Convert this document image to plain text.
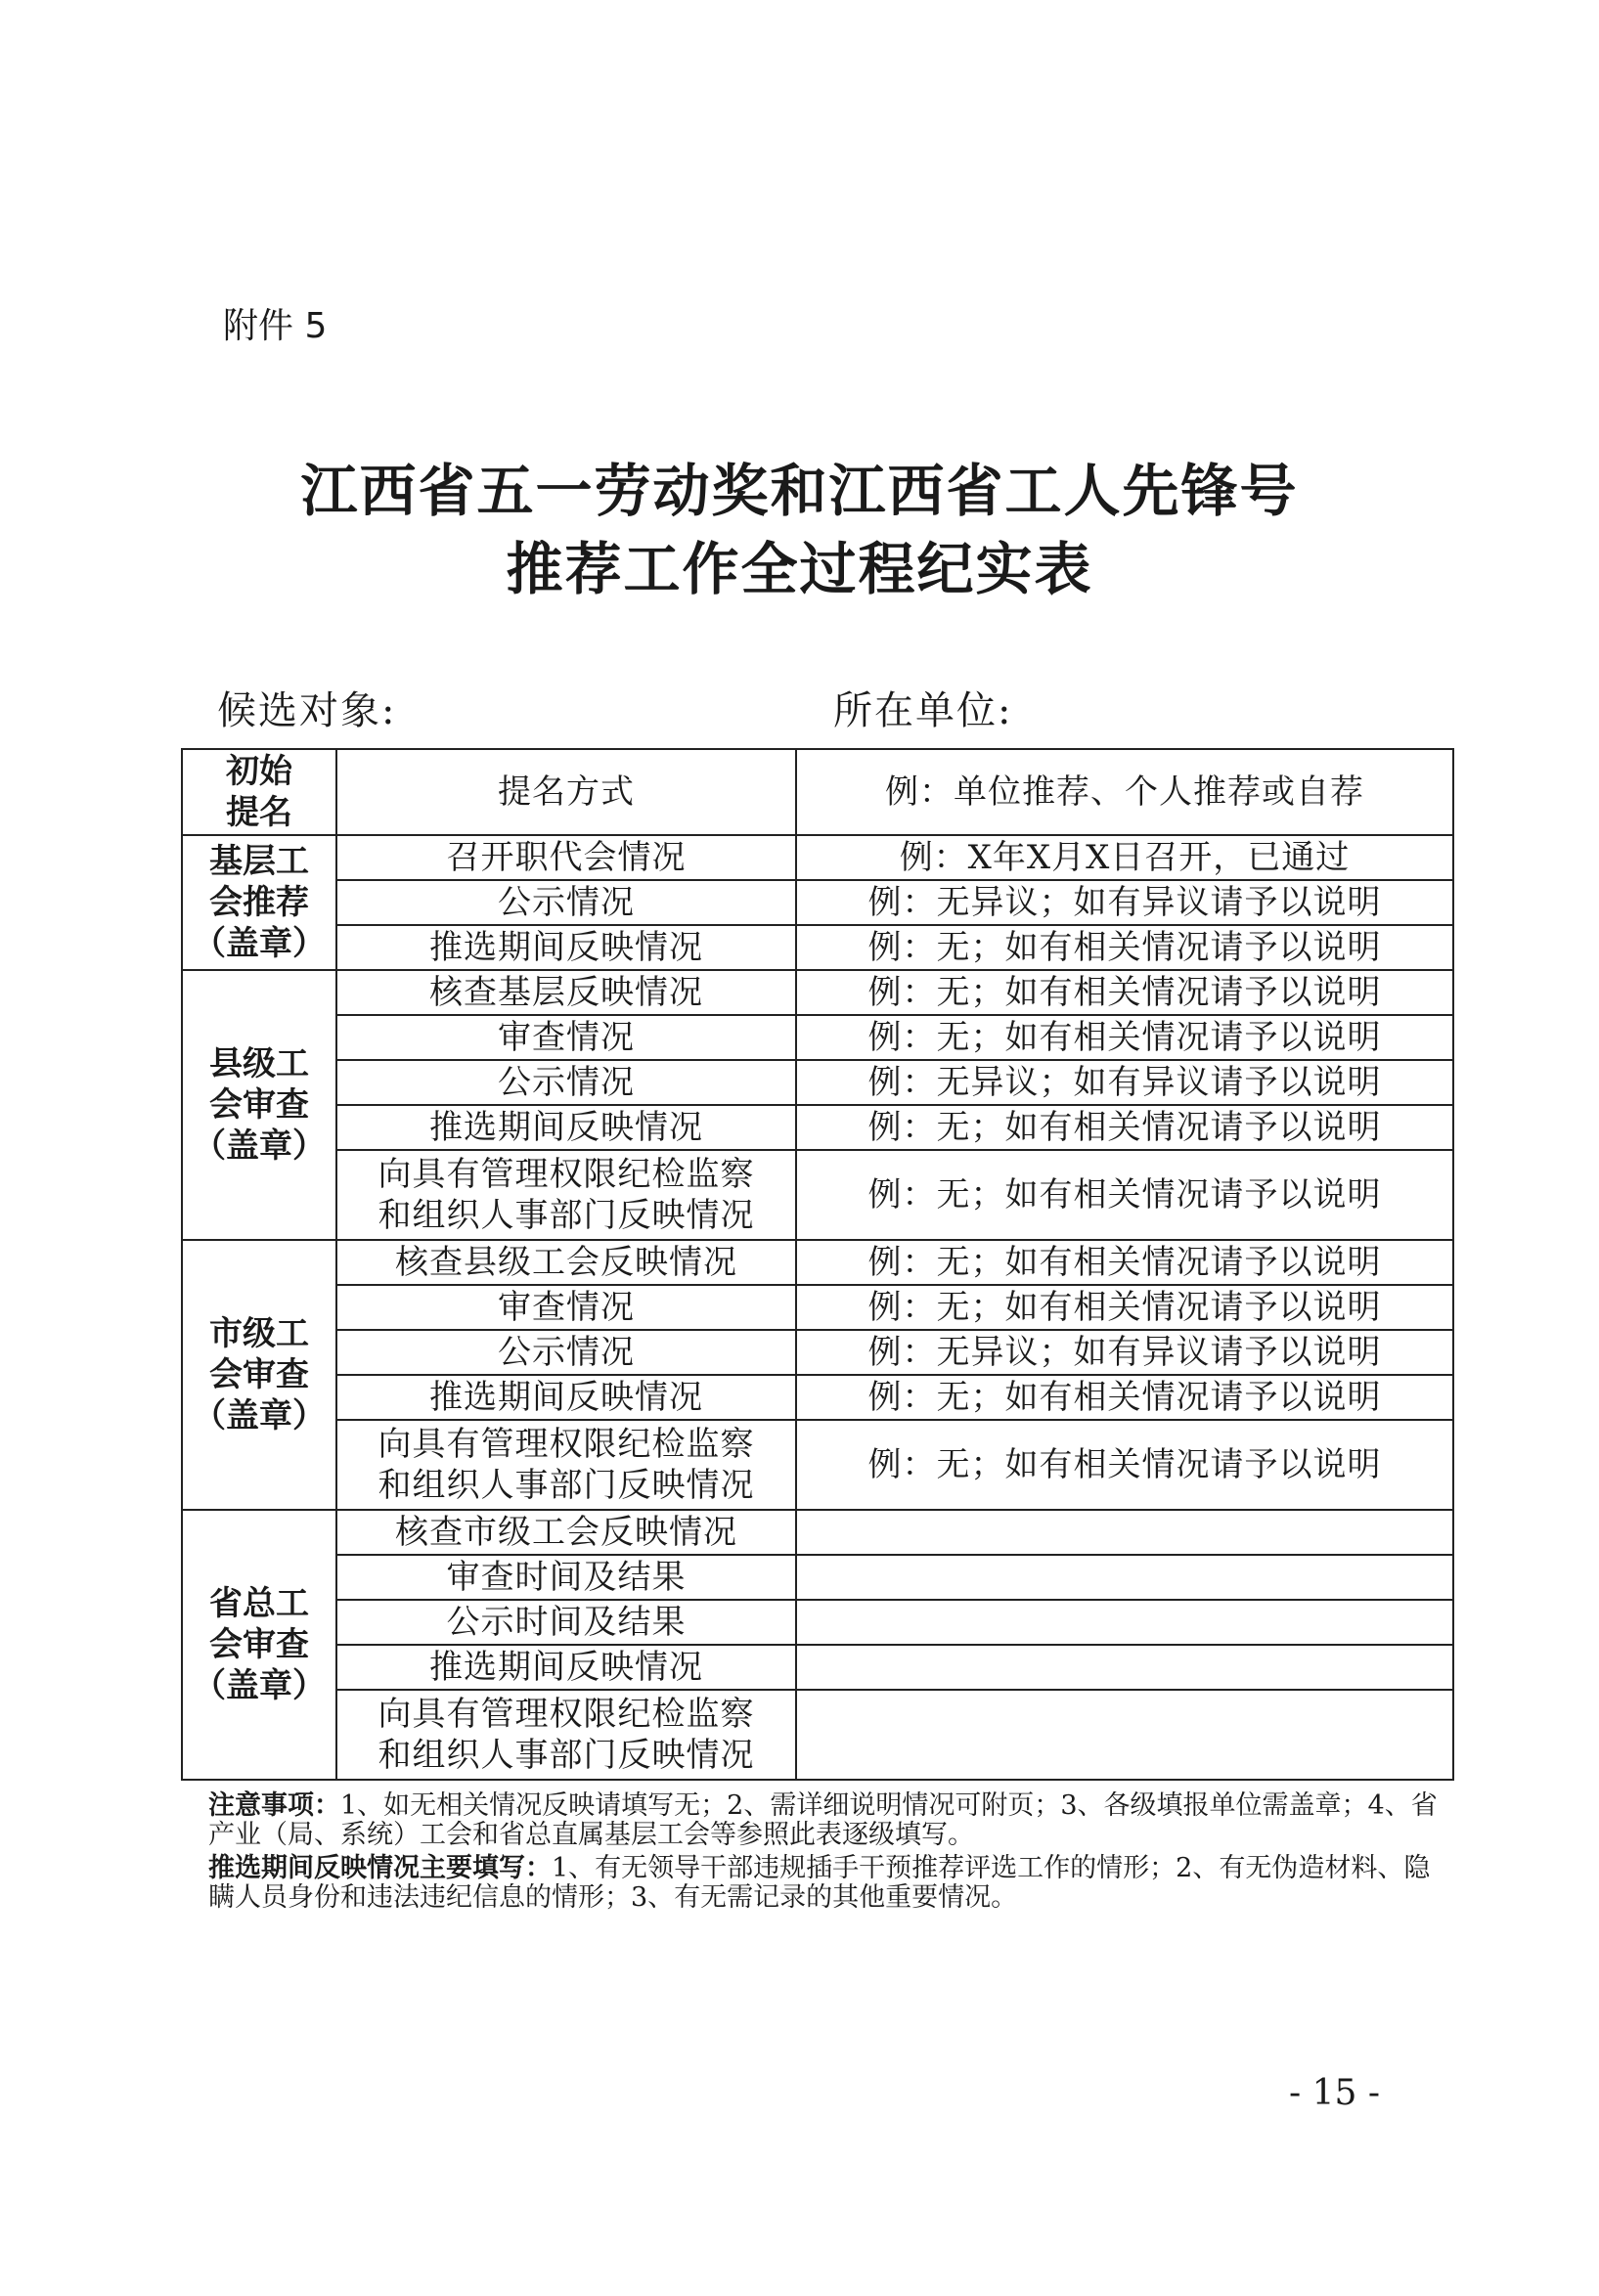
附件 5
江西省五一劳动奖和江西省工人先锋号
推荐工作全过程纪实表
候选对象:	所在单位:
初始
提名	提名方式	例：单位推荐、个人推荐或自荐

基层工
会推荐
（盖章）	召开职代会情况	例：X年X月X日召开，已通过
	公示情况	例：无异议；如有异议请予以说明
	推选期间反映情况	例：无；如有相关情况请予以说明

县级工
会审查
（盖章）	核查基层反映情况	例：无；如有相关情况请予以说明
	审查情况	例：无；如有相关情况请予以说明
	公示情况	例：无异议；如有异议请予以说明
	推选期间反映情况	例：无；如有相关情况请予以说明

	向具有管理权限纪检监察
和组织人事部门反映情况	例：无；如有相关情况请予以说明

市级工
会审查
（盖章）	核查县级工会反映情况	例：无；如有相关情况请予以说明
	审查情况	例：无；如有相关情况请予以说明
	公示情况	例：无异议；如有异议请予以说明
	推选期间反映情况	例：无；如有相关情况请予以说明

	向具有管理权限纪检监察
和组织人事部门反映情况	例：无；如有相关情况请予以说明

省总工
会审查
（盖章）	核查市级工会反映情况	
	审查时间及结果	
	公示时间及结果	
	推选期间反映情况	

	向具有管理权限纪检监察
和组织人事部门反映情况	

注意事项：1、如无相关情况反映请填写无；2、需详细说明情况可附页；3、各级填报单位需盖章；4、省产业（局、系统）工会和省总直属基层工会等参照此表逐级填写。

推选期间反映情况主要填写：1、有无领导干部违规插手干预推荐评选工作的情形；2、有无伪造材料、隐瞒人员身份和违法违纪信息的情形；3、有无需记录的其他重要情况。

- 15 -
